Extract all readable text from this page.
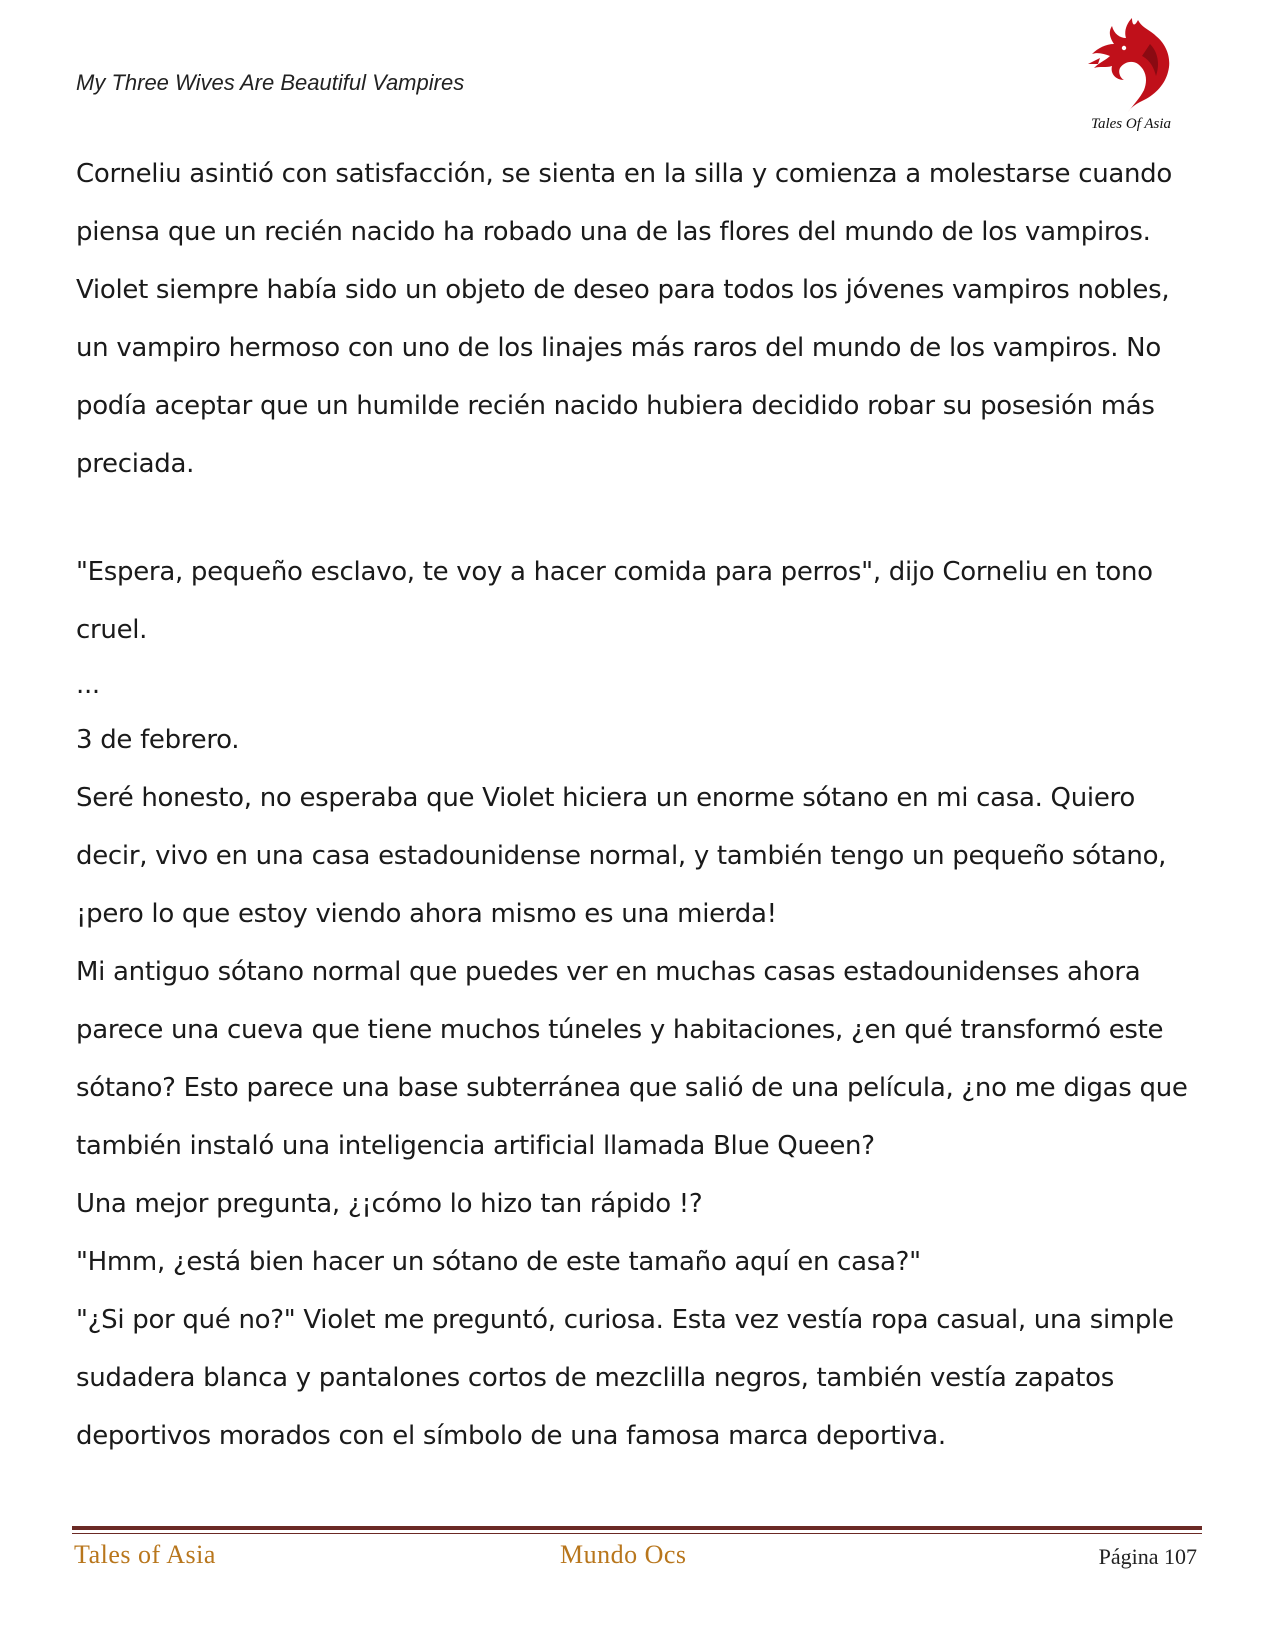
My Three Wives Are Beautiful Vampires
Tales Of Asia

Corneliu asintió con satisfacción, se sienta en la silla y comienza a molestarse cuando piensa que un recién nacido ha robado una de las flores del mundo de los vampiros. Violet siempre había sido un objeto de deseo para todos los jóvenes vampiros nobles, un vampiro hermoso con uno de los linajes más raros del mundo de los vampiros. No podía aceptar que un humilde recién nacido hubiera decidido robar su posesión más preciada.

"Espera, pequeño esclavo, te voy a hacer comida para perros", dijo Corneliu en tono cruel.

...

3 de febrero.

Seré honesto, no esperaba que Violet hiciera un enorme sótano en mi casa. Quiero decir, vivo en una casa estadounidense normal, y también tengo un pequeño sótano, ¡pero lo que estoy viendo ahora mismo es una mierda!

Mi antiguo sótano normal que puedes ver en muchas casas estadounidenses ahora parece una cueva que tiene muchos túneles y habitaciones, ¿en qué transformó este sótano? Esto parece una base subterránea que salió de una película, ¿no me digas que también instaló una inteligencia artificial llamada Blue Queen?

Una mejor pregunta, ¿¡cómo lo hizo tan rápido !?

"Hmm, ¿está bien hacer un sótano de este tamaño aquí en casa?"

"¿Si por qué no?" Violet me preguntó, curiosa. Esta vez vestía ropa casual, una simple sudadera blanca y pantalones cortos de mezclilla negros, también vestía zapatos deportivos morados con el símbolo de una famosa marca deportiva.

Tales of Asia	Mundo Ocs	Página 107
